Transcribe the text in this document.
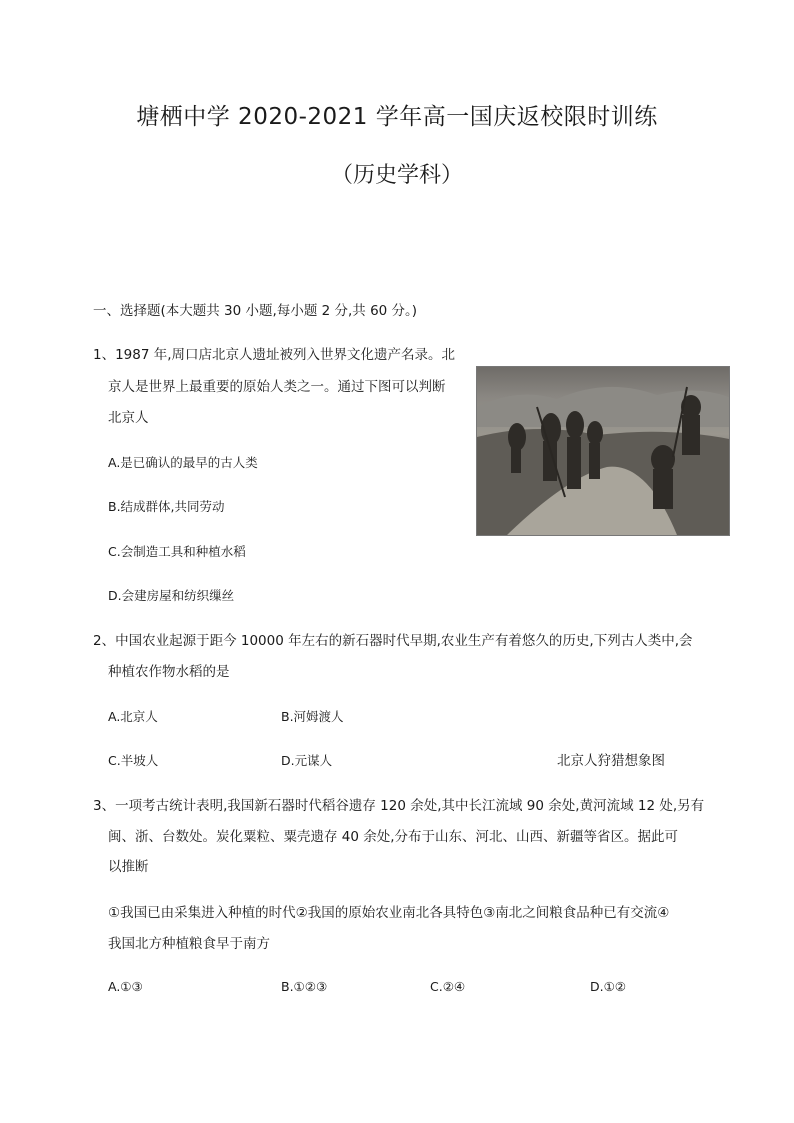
塘栖中学 2020-2021 学年高一国庆返校限时训练
（历史学科）
一、选择题(本大题共 30 小题,每小题 2 分,共 60 分。)
1、1987 年,周口店北京人遗址被列入世界文化遗产名录。北
京人是世界上最重要的原始人类之一。通过下图可以判断
北京人
A.是已确认的最早的古人类
B.结成群体,共同劳动
C.会制造工具和种植水稻
D.会建房屋和纺织缫丝
2、中国农业起源于距今 10000 年左右的新石器时代早期,农业生产有着悠久的历史,下列古人类中,会
种植农作物水稻的是
A.北京人	B.河姆渡人
C.半坡人	D.元谋人	北京人狩猎想象图
3、一项考古统计表明,我国新石器时代稻谷遗存 120 余处,其中长江流域 90 余处,黄河流域 12 处,另有
闽、浙、台数处。炭化粟粒、粟壳遗存 40 余处,分布于山东、河北、山西、新疆等省区。据此可
以推断
①我国已由采集进入种植的时代②我国的原始农业南北各具特色③南北之间粮食品种已有交流④
我国北方种植粮食早于南方
A.①③	B.①②③	C.②④	D.①②
